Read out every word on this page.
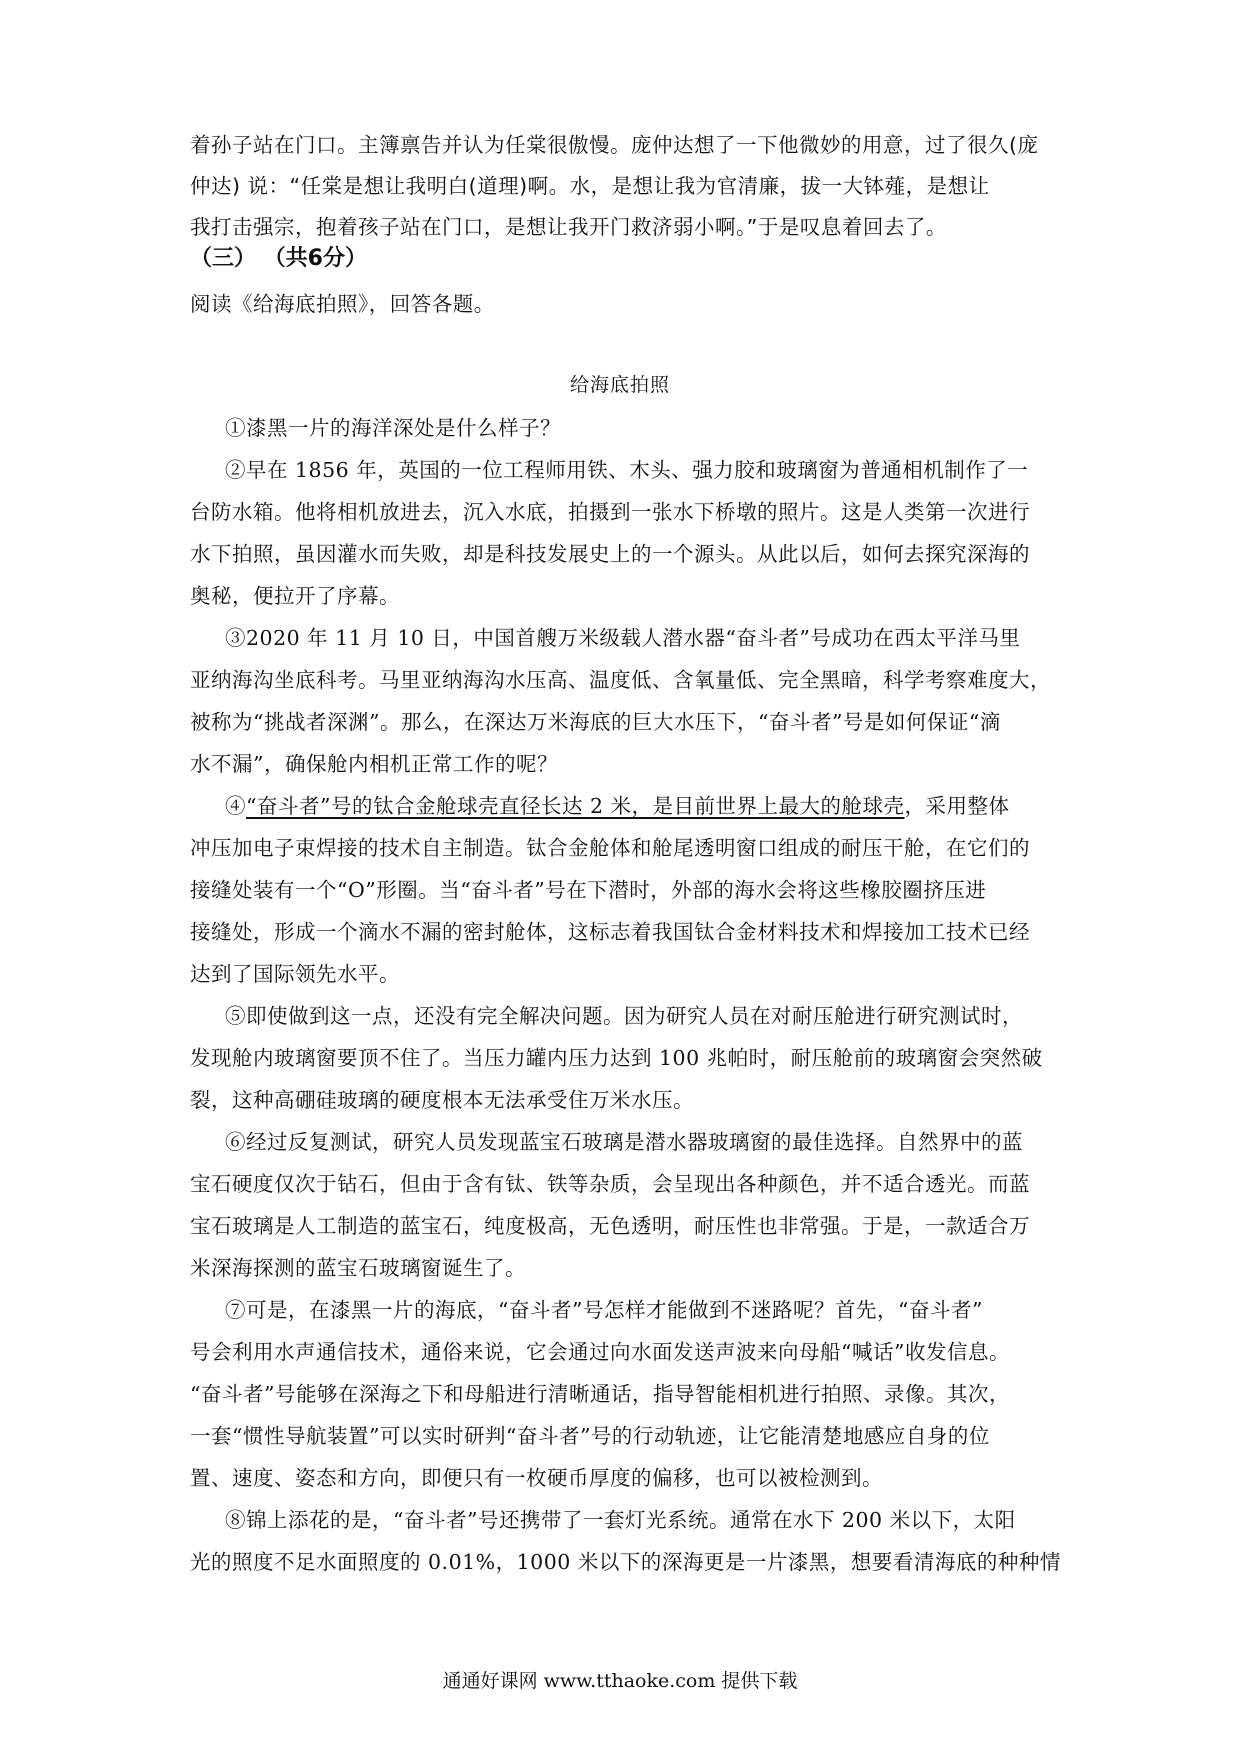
着孙子站在门口。主簿禀告并认为任棠很傲慢。庞仲达想了一下他微妙的用意，过了很久(庞
仲达) 说：“任棠是想让我明白(道理)啊。水，是想让我为官清廉，拔一大钵薤，是想让
我打击强宗，抱着孩子站在门口，是想让我开门救济弱小啊。”于是叹息着回去了。
（三） （共6分）
阅读《给海底拍照》，回答各题。
给海底拍照
①漆黑一片的海洋深处是什么样子？
②早在 1856 年，英国的一位工程师用铁、木头、强力胶和玻璃窗为普通相机制作了一
台防水箱。他将相机放进去，沉入水底，拍摄到一张水下桥墩的照片。这是人类第一次进行
水下拍照，虽因灌水而失败，却是科技发展史上的一个源头。从此以后，如何去探究深海的
奥秘，便拉开了序幕。
③2020 年 11 月 10 日，中国首艘万米级载人潜水器“奋斗者”号成功在西太平洋马里
亚纳海沟坐底科考。马里亚纳海沟水压高、温度低、含氧量低、完全黑暗，科学考察难度大，
被称为“挑战者深渊”。那么，在深达万米海底的巨大水压下，“奋斗者”号是如何保证“滴
水不漏”，确保舱内相机正常工作的呢？
④“奋斗者”号的钛合金舱球壳直径长达 2 米，是目前世界上最大的舱球壳，采用整体
冲压加电子束焊接的技术自主制造。钛合金舱体和舱尾透明窗口组成的耐压干舱，在它们的
接缝处装有一个“O”形圈。当“奋斗者”号在下潜时，外部的海水会将这些橡胶圈挤压进
接缝处，形成一个滴水不漏的密封舱体，这标志着我国钛合金材料技术和焊接加工技术已经
达到了国际领先水平。
⑤即使做到这一点，还没有完全解决问题。因为研究人员在对耐压舱进行研究测试时，
发现舱内玻璃窗要顶不住了。当压力罐内压力达到 100 兆帕时，耐压舱前的玻璃窗会突然破
裂，这种高硼硅玻璃的硬度根本无法承受住万米水压。
⑥经过反复测试，研究人员发现蓝宝石玻璃是潜水器玻璃窗的最佳选择。自然界中的蓝
宝石硬度仅次于钻石，但由于含有钛、铁等杂质，会呈现出各种颜色，并不适合透光。而蓝
宝石玻璃是人工制造的蓝宝石，纯度极高，无色透明，耐压性也非常强。于是，一款适合万
米深海探测的蓝宝石玻璃窗诞生了。
⑦可是，在漆黑一片的海底，“奋斗者”号怎样才能做到不迷路呢？首先，“奋斗者”
号会利用水声通信技术，通俗来说，它会通过向水面发送声波来向母船“喊话”收发信息。
“奋斗者”号能够在深海之下和母船进行清晰通话，指导智能相机进行拍照、录像。其次，
一套“惯性导航装置”可以实时研判“奋斗者”号的行动轨迹，让它能清楚地感应自身的位
置、速度、姿态和方向，即便只有一枚硬币厚度的偏移，也可以被检测到。
⑧锦上添花的是，“奋斗者”号还携带了一套灯光系统。通常在水下 200 米以下，太阳
光的照度不足水面照度的 0.01%，1000 米以下的深海更是一片漆黑，想要看清海底的种种情
通通好课网 www.tthaoke.com 提供下载
